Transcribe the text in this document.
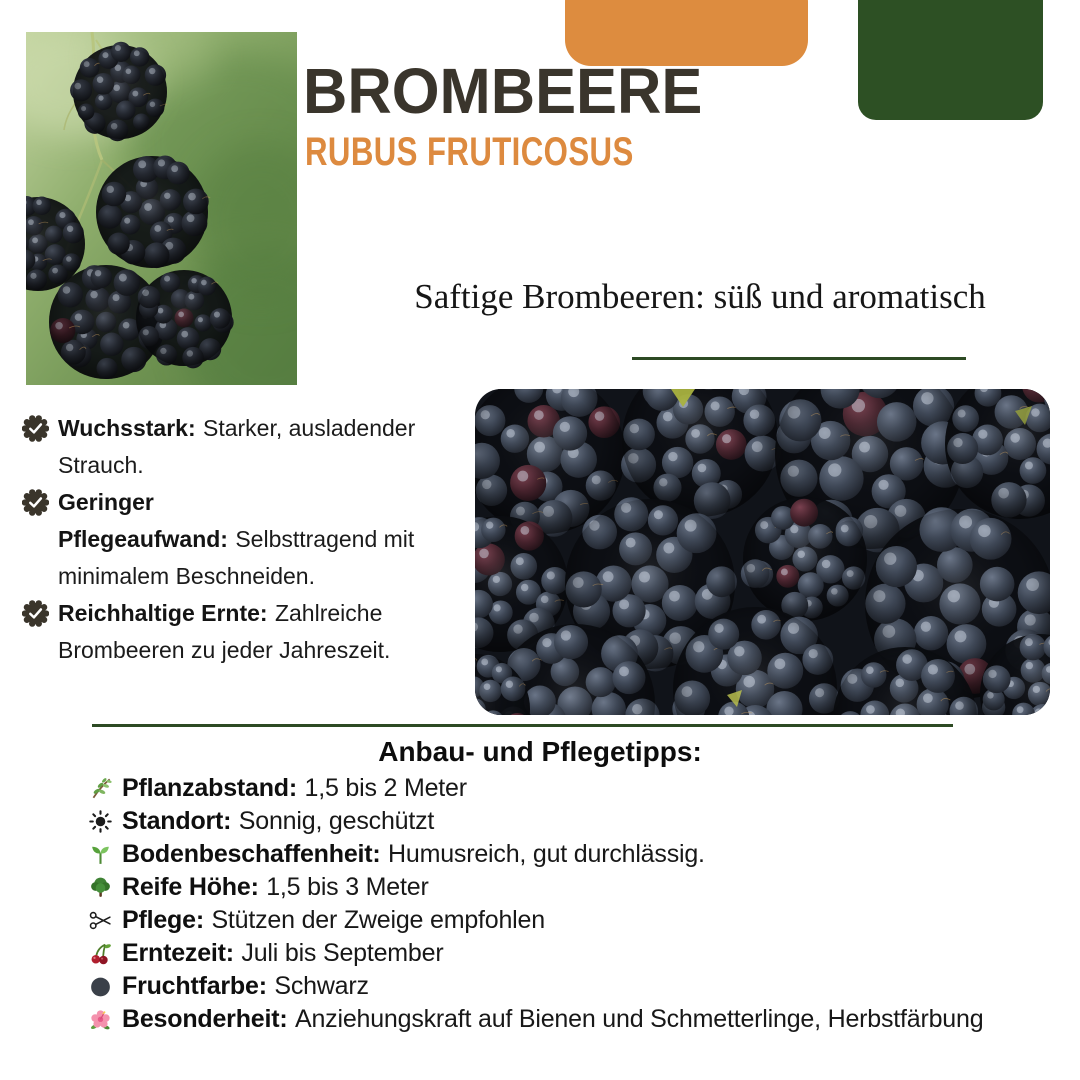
BROMBEERE
RUBUS FRUTICOSUS
Saftige Brombeeren: süß und aromatisch
Wuchsstark: Starker, ausladender Strauch.
Geringer Pflegeaufwand: Selbsttragend mit minimalem Beschneiden.
Reichhaltige Ernte: Zahlreiche Brombeeren zu jeder Jahreszeit.
Anbau- und Pflegetipps:
Pflanzabstand: 1,5 bis 2 Meter
Standort: Sonnig, geschützt
Bodenbeschaffenheit: Humusreich, gut durchlässig.
Reife Höhe: 1,5 bis 3 Meter
Pflege: Stützen der Zweige empfohlen
Erntezeit: Juli bis September
Fruchtfarbe: Schwarz
Besonderheit: Anziehungskraft auf Bienen und Schmetterlinge, Herbstfärbung
